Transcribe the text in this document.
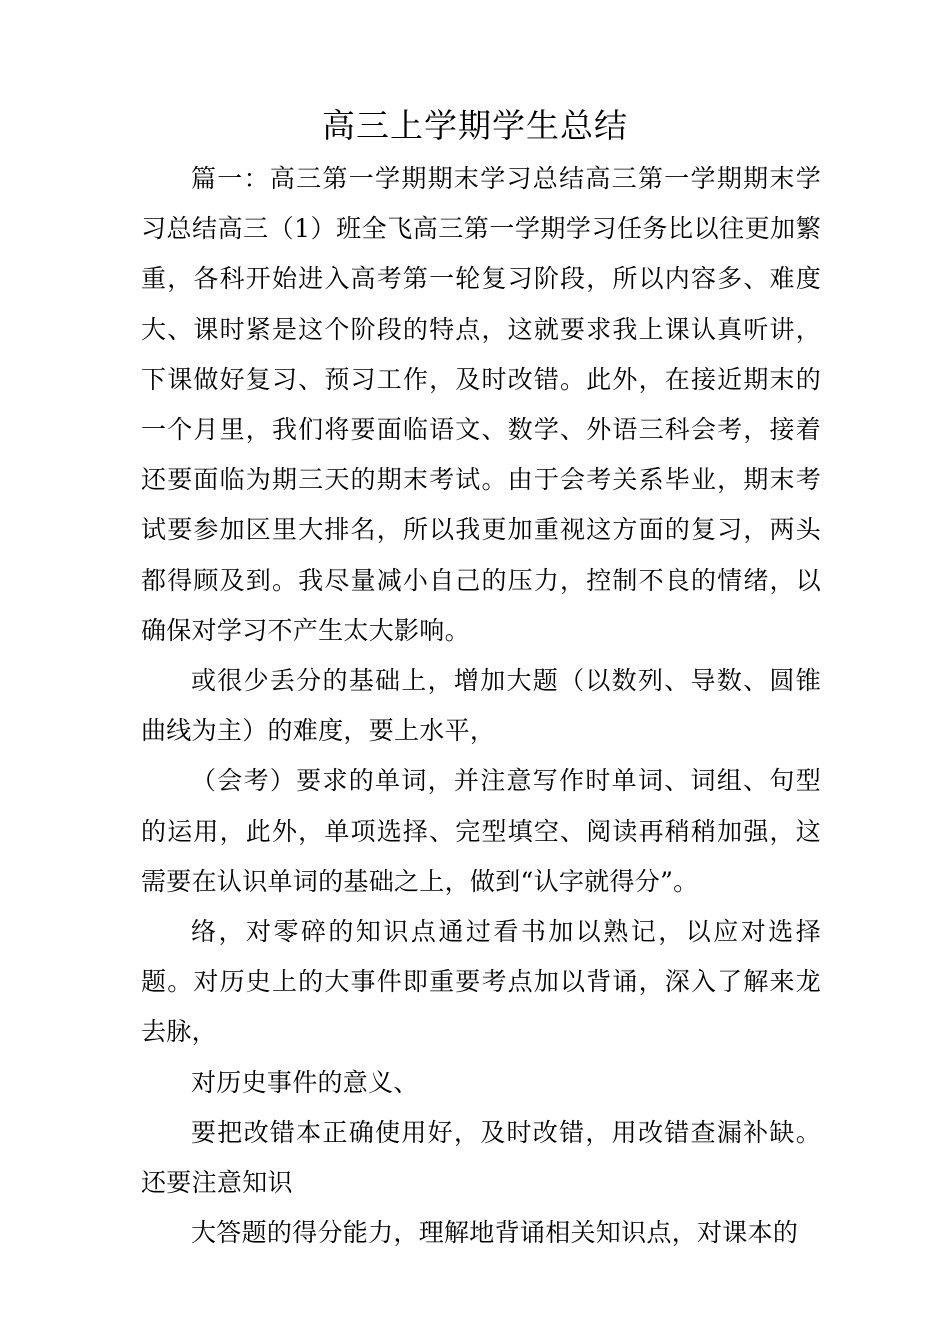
高三上学期学生总结

篇一：高三第一学期期末学习总结高三第一学期期末学习总结高三（1）班全飞高三第一学期学习任务比以往更加繁重，各科开始进入高考第一轮复习阶段，所以内容多、难度大、课时紧是这个阶段的特点，这就要求我上课认真听讲，下课做好复习、预习工作，及时改错。此外，在接近期末的一个月里，我们将要面临语文、数学、外语三科会考，接着还要面临为期三天的期末考试。由于会考关系毕业，期末考试要参加区里大排名，所以我更加重视这方面的复习，两头都得顾及到。我尽量减小自己的压力，控制不良的情绪，以确保对学习不产生太大影响。

或很少丢分的基础上，增加大题（以数列、导数、圆锥曲线为主）的难度，要上水平，

（会考）要求的单词，并注意写作时单词、词组、句型的运用，此外，单项选择、完型填空、阅读再稍稍加强，这需要在认识单词的基础之上，做到“认字就得分”。

络，对零碎的知识点通过看书加以熟记，以应对选择题。对历史上的大事件即重要考点加以背诵，深入了解来龙去脉，

对历史事件的意义、

要把改错本正确使用好，及时改错，用改错查漏补缺。还要注意知识

大答题的得分能力，理解地背诵相关知识点，对课本的
